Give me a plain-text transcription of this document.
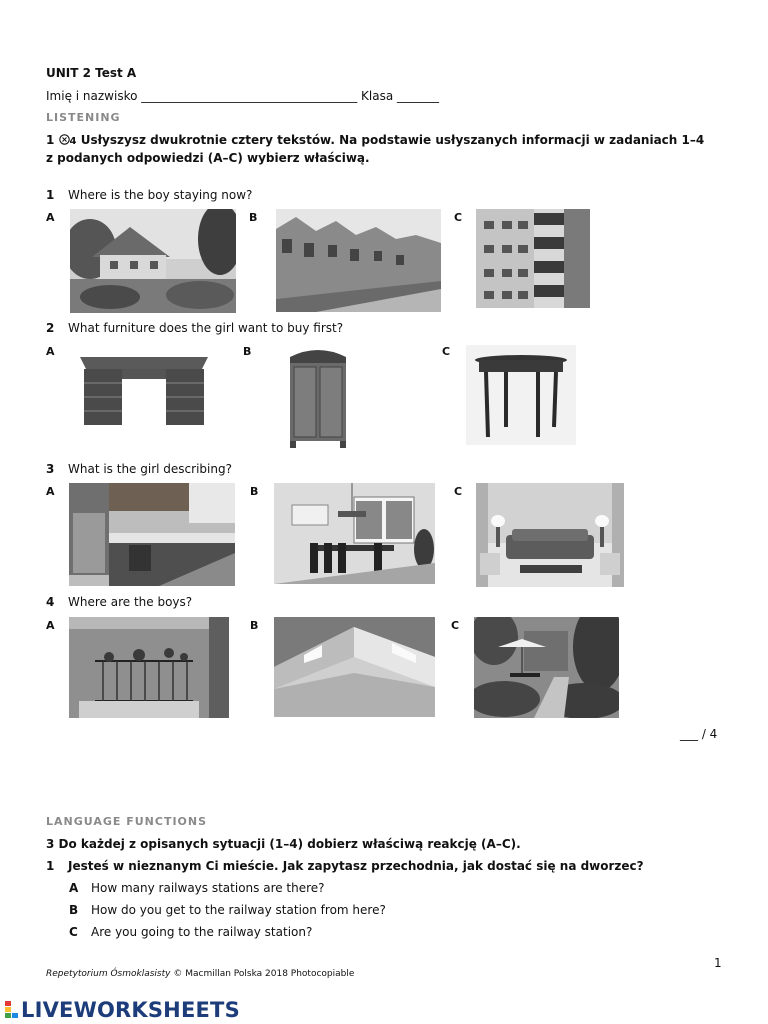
UNIT 2 Test A
Imię i nazwisko ____________________________________ Klasa _______
LISTENING
1 4 Usłyszysz dwukrotnie cztery tekstów. Na podstawie usłyszanych informacji w zadaniach 1–4
z podanych odpowiedzi (A–C) wybierz właściwą.
1 Where is the boy staying now?
A	B	C
2 What furniture does the girl want to buy first?
A	B	C
3 What is the girl describing?
A	B	C
4 Where are the boys?
A	B	C
___ / 4
LANGUAGE FUNCTIONS
3 Do każdej z opisanych sytuacji (1–4) dobierz właściwą reakcję (A–C).
1 Jesteś w nieznanym Ci mieście. Jak zapytasz przechodnia, jak dostać się na dworzec?
A How many railways stations are there?
B How do you get to the railway station from here?
C Are you going to the railway station?
1
Repetytorium Ósmoklasisty © Macmillan Polska 2018 Photocopiable
LIVEWORKSHEETS
